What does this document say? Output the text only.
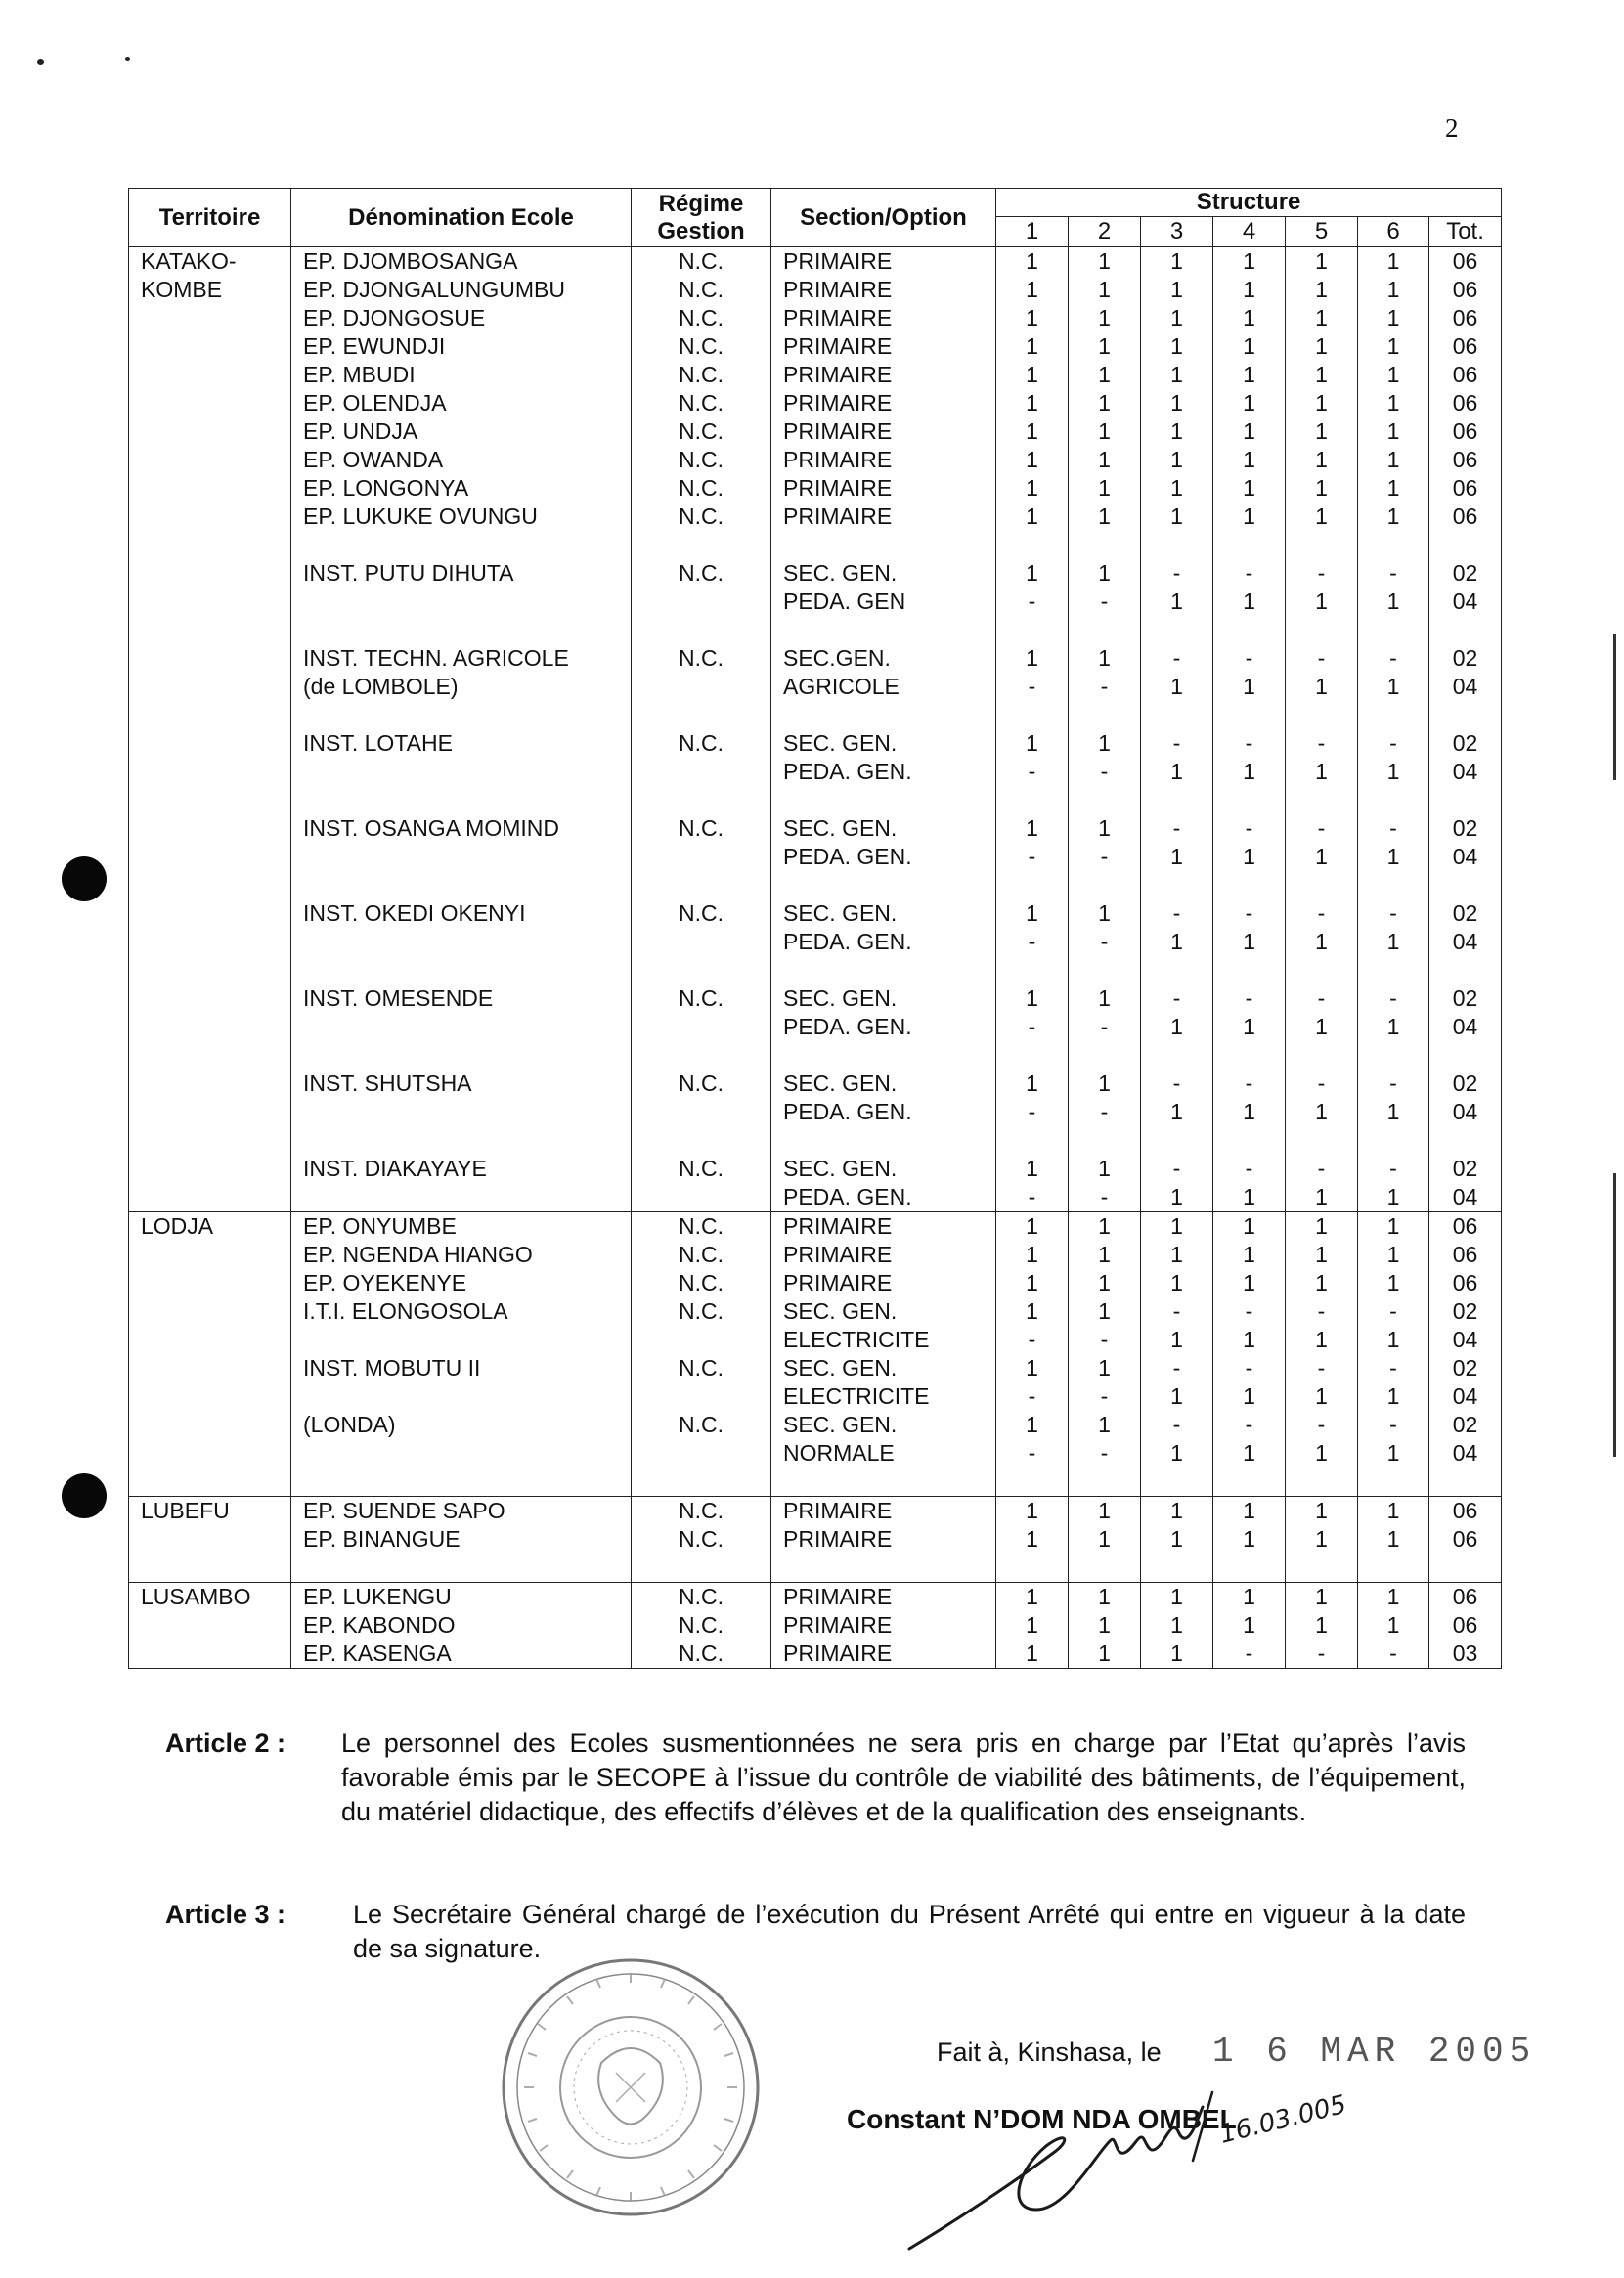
2
Territoire	Dénomination Ecole	Régime
Gestion	Section/Option	Structure						
				1	2	3	4	5	6	Tot.
KATAKO-	EP. DJOMBOSANGA	N.C.	PRIMAIRE	1	1	1	1	1	1	06
KOMBE	EP. DJONGALUNGUMBU	N.C.	PRIMAIRE	1	1	1	1	1	1	06
	EP. DJONGOSUE	N.C.	PRIMAIRE	1	1	1	1	1	1	06
	EP. EWUNDJI	N.C.	PRIMAIRE	1	1	1	1	1	1	06
	EP. MBUDI	N.C.	PRIMAIRE	1	1	1	1	1	1	06
	EP. OLENDJA	N.C.	PRIMAIRE	1	1	1	1	1	1	06
	EP. UNDJA	N.C.	PRIMAIRE	1	1	1	1	1	1	06
	EP. OWANDA	N.C.	PRIMAIRE	1	1	1	1	1	1	06
	EP. LONGONYA	N.C.	PRIMAIRE	1	1	1	1	1	1	06
	EP. LUKUKE OVUNGU	N.C.	PRIMAIRE	1	1	1	1	1	1	06

	INST. PUTU DIHUTA	N.C.	SEC. GEN.	1	1	-	-	-	-	02
			PEDA. GEN	-	-	1	1	1	1	04

	INST. TECHN. AGRICOLE	N.C.	SEC.GEN.	1	1	-	-	-	-	02
	(de LOMBOLE)		AGRICOLE	-	-	1	1	1	1	04

	INST. LOTAHE	N.C.	SEC. GEN.	1	1	-	-	-	-	02
			PEDA. GEN.	-	-	1	1	1	1	04

	INST. OSANGA MOMIND	N.C.	SEC. GEN.	1	1	-	-	-	-	02
			PEDA. GEN.	-	-	1	1	1	1	04

	INST. OKEDI OKENYI	N.C.	SEC. GEN.	1	1	-	-	-	-	02
			PEDA. GEN.	-	-	1	1	1	1	04

	INST. OMESENDE	N.C.	SEC. GEN.	1	1	-	-	-	-	02
			PEDA. GEN.	-	-	1	1	1	1	04

	INST. SHUTSHA	N.C.	SEC. GEN.	1	1	-	-	-	-	02
			PEDA. GEN.	-	-	1	1	1	1	04

	INST. DIAKAYAYE	N.C.	SEC. GEN.	1	1	-	-	-	-	02
			PEDA. GEN.	-	-	1	1	1	1	04
LODJA	EP. ONYUMBE	N.C.	PRIMAIRE	1	1	1	1	1	1	06
	EP. NGENDA HIANGO	N.C.	PRIMAIRE	1	1	1	1	1	1	06
	EP. OYEKENYE	N.C.	PRIMAIRE	1	1	1	1	1	1	06
	I.T.I. ELONGOSOLA	N.C.	SEC. GEN.	1	1	-	-	-	-	02
			ELECTRICITE	-	-	1	1	1	1	04
	INST. MOBUTU II	N.C.	SEC. GEN.	1	1	-	-	-	-	02
			ELECTRICITE	-	-	1	1	1	1	04
	(LONDA)	N.C.	SEC. GEN.	1	1	-	-	-	-	02
			NORMALE	-	-	1	1	1	1	04

LUBEFU	EP. SUENDE SAPO	N.C.	PRIMAIRE	1	1	1	1	1	1	06
	EP. BINANGUE	N.C.	PRIMAIRE	1	1	1	1	1	1	06

LUSAMBO	EP. LUKENGU	N.C.	PRIMAIRE	1	1	1	1	1	1	06
	EP. KABONDO	N.C.	PRIMAIRE	1	1	1	1	1	1	06
	EP. KASENGA	N.C.	PRIMAIRE	1	1	1	-	-	-	03
Article 2 : Le personnel des Ecoles susmentionnées ne sera pris en charge par l’Etat qu’après l’avis favorable émis par le SECOPE à l’issue du contrôle de viabilité des bâtiments, de l’équipement, du matériel didactique, des effectifs d’élèves et de la qualification des enseignants.
Article 3 :	Le Secrétaire Général chargé de l’exécution du Présent Arrêté qui entre en vigueur à la date de sa signature.
Fait à, Kinshasa, le 1 6 MAR 2005
Constant N’DOM NDA OMBEL
16.03.005
